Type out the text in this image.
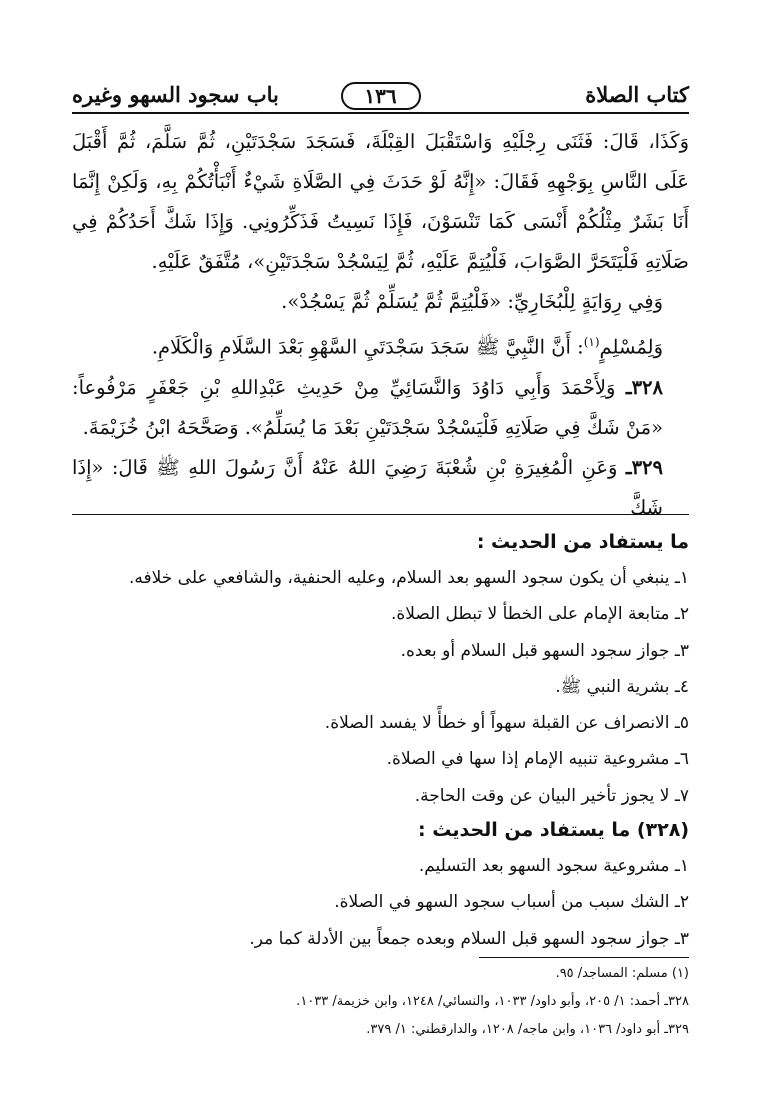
كتاب الصلاة
١٣٦
باب سجود السهو وغيره

وَكَذَا، قَالَ: فَثَنَى رِجْلَيْهِ وَاسْتَقْبَلَ القِبْلَةَ، فَسَجَدَ سَجْدَتَيْنِ، ثُمَّ سَلَّمَ، ثُمَّ أَقْبَلَ عَلَى النَّاسِ بِوَجْهِهِ فَقَالَ: «إِنَّهُ لَوْ حَدَثَ فِي الصَّلَاةِ شَيْءٌ أَنْبَأْتُكُمْ بِهِ، وَلَكِنْ إِنَّمَا أَنَا بَشَرٌ مِثْلُكُمْ أَنْسَى كَمَا تَنْسَوْنَ، فَإِذَا نَسِيتُ فَذَكِّرُونِي. وَإِذَا شَكَّ أَحَدُكُمْ فِي صَلَاتِهِ فَلْيَتَحَرَّ الصَّوَابَ، فَلْيُتِمَّ عَلَيْهِ، ثُمَّ لِيَسْجُدْ سَجْدَتَيْنِ»، مُتَّفَقٌ عَلَيْهِ.

وَفِي رِوَايَةٍ لِلْبُخَارِيِّ: «فَلْيُتِمَّ ثُمَّ يُسَلِّمْ ثُمَّ يَسْجُدْ».

وَلِمُسْلِمٍ$^{(١)}$: أَنَّ النَّبِيَّ ﷺ سَجَدَ سَجْدَتَيِ السَّهْوِ بَعْدَ السَّلَامِ وَالْكَلَامِ.

٣٢٨ـ وَلِأَحْمَدَ وَأَبِي دَاوُدَ وَالنَّسَائِيِّ مِنْ حَدِيثِ عَبْدِاللهِ بْنِ جَعْفَرٍ مَرْفُوعاً: «مَنْ شَكَّ فِي صَلَاتِهِ فَلْيَسْجُدْ سَجْدَتَيْنِ بَعْدَ مَا يُسَلِّمُ». وَصَحَّحَهُ ابْنُ خُزَيْمَةَ.

٣٢٩ـ وَعَنِ الْمُغِيرَةِ بْنِ شُعْبَةَ رَضِيَ اللهُ عَنْهُ أَنَّ رَسُولَ اللهِ ﷺ قَالَ: «إِذَا شَكَّ

ما يستفاد من الحديث :
١ـ ينبغي أن يكون سجود السهو بعد السلام، وعليه الحنفية، والشافعي على خلافه.
٢ـ متابعة الإمام على الخطأ لا تبطل الصلاة.
٣ـ جواز سجود السهو قبل السلام أو بعده.
٤ـ بشرية النبي ﷺ.
٥ـ الانصراف عن القبلة سهواً أو خطأً لا يفسد الصلاة.
٦ـ مشروعية تنبيه الإمام إذا سها في الصلاة.
٧ـ لا يجوز تأخير البيان عن وقت الحاجة.
(٣٢٨) ما يستفاد من الحديث :
١ـ مشروعية سجود السهو بعد التسليم.
٢ـ الشك سبب من أسباب سجود السهو في الصلاة.
٣ـ جواز سجود السهو قبل السلام وبعده جمعاً بين الأدلة كما مر.

(١) مسلم: المساجد/ ٩٥.

٣٢٨ـ أحمد: ١/ ٢٠٥، وأبو داود/ ١٠٣٣، والنسائي/ ١٢٤٨، وابن خزيمة/ ١٠٣٣.

٣٢٩ـ أبو داود/ ١٠٣٦، وابن ماجه/ ١٢٠٨، والدارقطني: ١/ ٣٧٩.
